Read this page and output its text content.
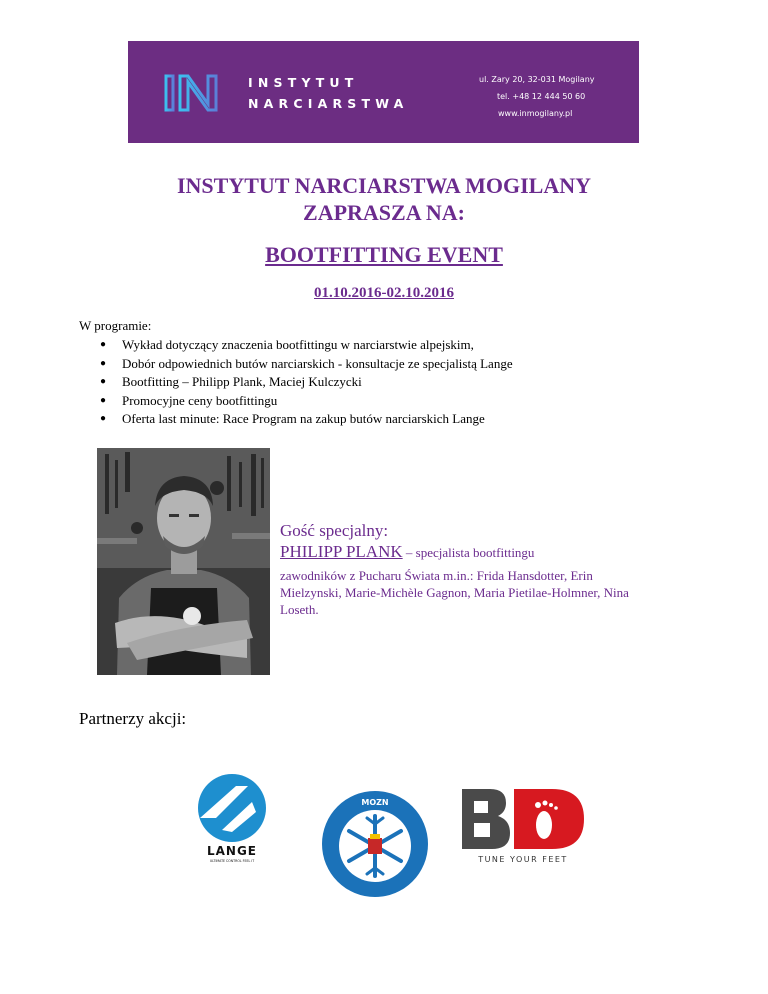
INSTYTUT
NARCIARSTWA
ul. Zary 20, 32-031 Mogilany
tel. +48 12 444 50 60
www.inmogilany.pl
INSTYTUT NARCIARSTWA MOGILANY
ZAPRASZA NA:
BOOTFITTING EVENT
01.10.2016-02.10.2016
W programie:
● Wykład dotyczący znaczenia bootfittingu w narciarstwie alpejskim,
● Dobór odpowiednich butów narciarskich - konsultacje ze specjalistą Lange
● Bootfitting – Philipp Plank, Maciej Kulczycki
● Promocyjne ceny bootfittingu
● Oferta last minute: Race Program na zakup butów narciarskich Lange
Gość specjalny:
PHILIPP PLANK – specjalista bootfittingu
zawodników z Pucharu Świata m.in.: Frida Hansdotter, Erin Mielzynski, Marie-Michèle Gagnon, Maria Pietilae-Holmner, Nina Loseth.
Partnerzy akcji:
LANGE
ULTIMATE CONTROL FEEL IT
MOZN
TUNE YOUR FEET
